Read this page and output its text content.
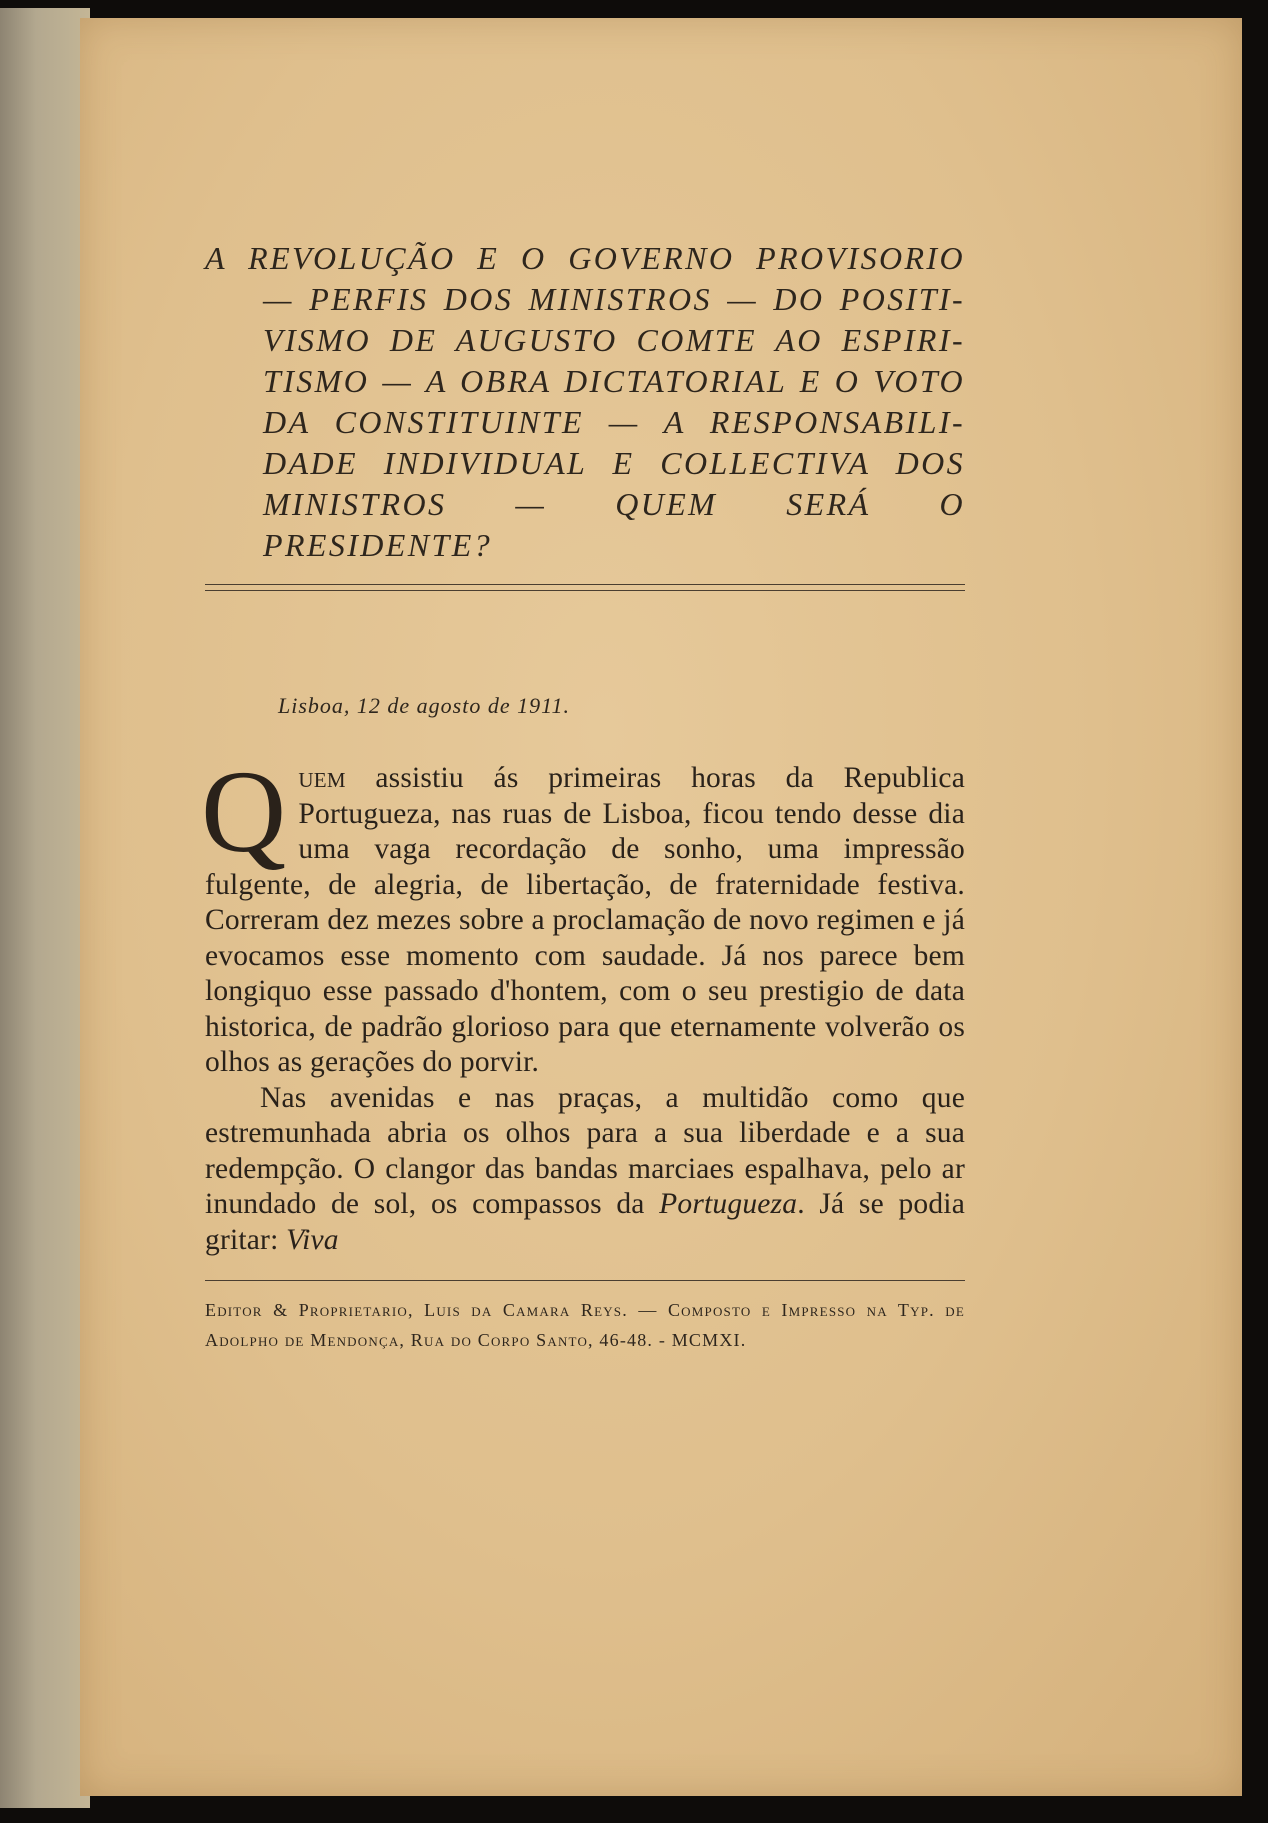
A REVOLUÇÃO E O GOVERNO PROVISORIO
— PERFIS DOS MINISTROS — DO POSITI-
VISMO DE AUGUSTO COMTE AO ESPIRI-
TISMO — A OBRA DICTATORIAL E O VOTO
DA CONSTITUINTE — A RESPONSABILI-
DADE INDIVIDUAL E COLLECTIVA DOS
MINISTROS — QUEM SERÁ O PRESIDENTE?
Lisboa, 12 de agosto de 1911.

Quem assistiu ás primeiras horas da Republica Portugueza, nas ruas de Lisboa, ficou tendo desse dia uma vaga recordação de sonho, uma impressão fulgente, de alegria, de libertação, de fraternidade festiva. Correram dez mezes sobre a proclamação de novo regimen e já evocamos esse momento com saudade. Já nos parece bem longiquo esse passado d'hontem, com o seu prestigio de data historica, de padrão glorioso para que eternamente volverão os olhos as gerações do porvir.

Nas avenidas e nas praças, a multidão como que estremunhada abria os olhos para a sua liberdade e a sua redempção. O clangor das bandas marciaes espalhava, pelo ar inundado de sol, os compassos da Portugueza. Já se podia gritar: Viva

Editor & Proprietario, Luis da Camara Reys. — Composto e Impresso na Typ. de Adolpho de Mendonça, Rua do Corpo Santo, 46-48. - MCMXI.
